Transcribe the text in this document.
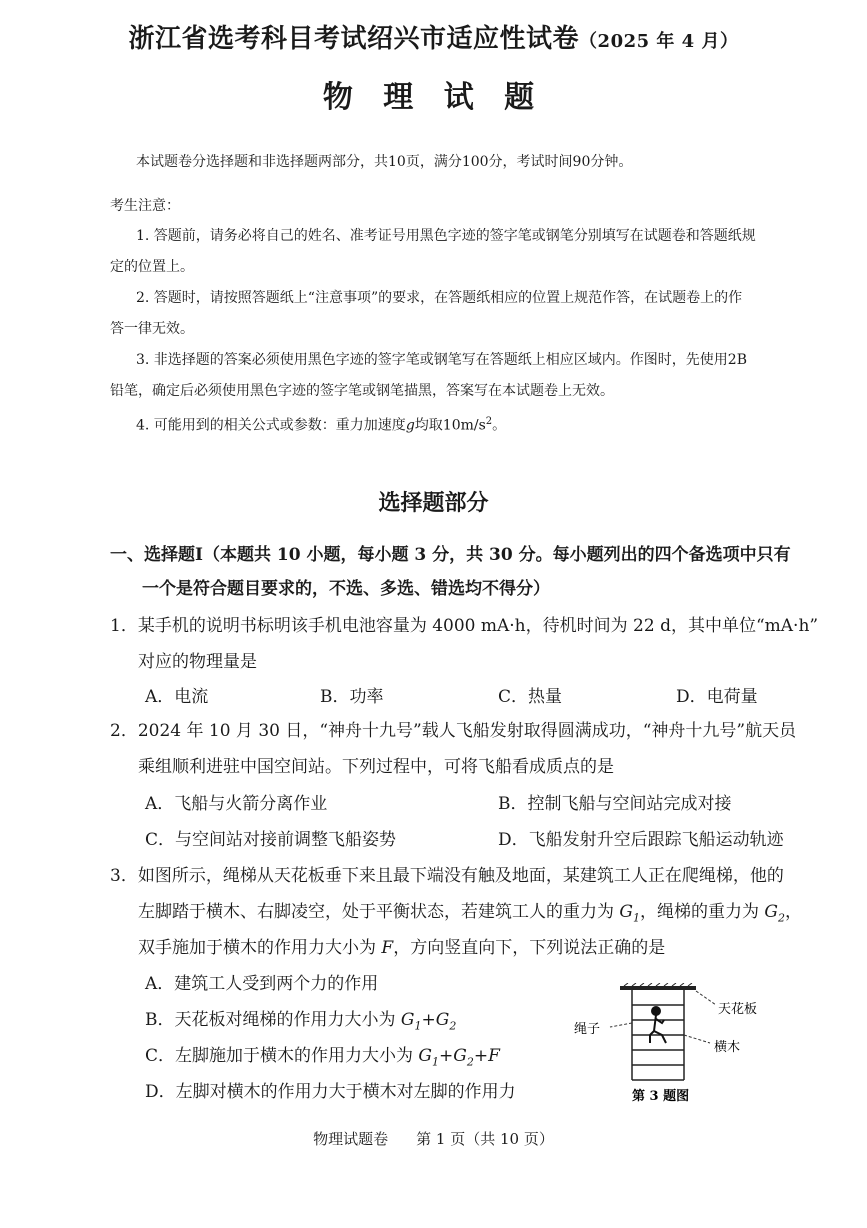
浙江省选考科目考试绍兴市适应性试卷（2025 年 4 月）
物 理 试 题
本试题卷分选择题和非选择题两部分，共10页，满分100分，考试时间90分钟。
考生注意：
1. 答题前，请务必将自己的姓名、准考证号用黑色字迹的签字笔或钢笔分别填写在试题卷和答题纸规
定的位置上。
2. 答题时，请按照答题纸上“注意事项”的要求，在答题纸相应的位置上规范作答，在试题卷上的作
答一律无效。
3. 非选择题的答案必须使用黑色字迹的签字笔或钢笔写在答题纸上相应区域内。作图时，先使用2B
铅笔，确定后必须使用黑色字迹的签字笔或钢笔描黑，答案写在本试题卷上无效。
4. 可能用到的相关公式或参数：重力加速度g均取$10m/s^2$。
选择题部分
一、选择题Ⅰ（本题共 10 小题，每小题 3 分，共 30 分。每小题列出的四个备选项中只有
一个是符合题目要求的，不选、多选、错选均不得分）
1．某手机的说明书标明该手机电池容量为 4000 mA·h，待机时间为 22 d，其中单位“mA·h”
对应的物理量是
A．电流	B．功率	C．热量	D．电荷量
2．2024 年 10 月 30 日，“神舟十九号”载人飞船发射取得圆满成功，“神舟十九号”航天员
乘组顺利进驻中国空间站。下列过程中，可将飞船看成质点的是
A．飞船与火箭分离作业	B．控制飞船与空间站完成对接
C．与空间站对接前调整飞船姿势	D．飞船发射升空后跟踪飞船运动轨迹
3．如图所示，绳梯从天花板垂下来且最下端没有触及地面，某建筑工人正在爬绳梯，他的
左脚踏于横木、右脚凌空，处于平衡状态，若建筑工人的重力为 $G_1$，绳梯的重力为 $G_2$，
双手施加于横木的作用力大小为 F，方向竖直向下，下列说法正确的是
A．建筑工人受到两个力的作用
B．天花板对绳梯的作用力大小为 $G_1+G_2$
C．左脚施加于横木的作用力大小为 $G_1+G_2+F$
D．左脚对横木的作用力大于横木对左脚的作用力
天花板
绳子
横木
第 3 题图
物理试题卷 第 1 页（共 10 页）
